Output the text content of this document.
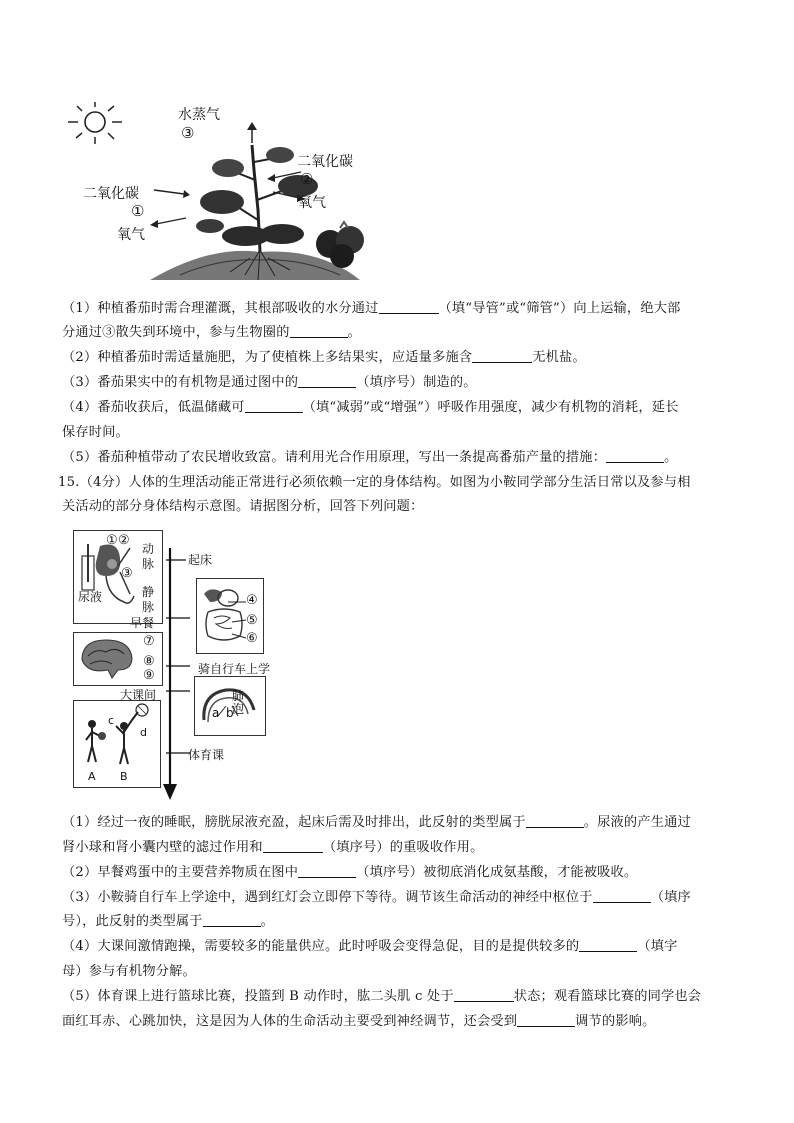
水蒸气
③
二氧化碳
②
氧气
二氧化碳
①
氧气
（1）种植番茄时需合理灌溉，其根部吸收的水分通过	（填“导管”或“筛管”）向上运输，绝大部
分通过③散失到环境中，参与生物圈的	。
（2）种植番茄时需适量施肥，为了使植株上多结果实，应适量多施含	无机盐。
（3）番茄果实中的有机物是通过图中的	（填序号）制造的。
（4）番茄收获后，低温储藏可	（填“减弱”或“增强”）呼吸作用强度，减少有机物的消耗，延长
保存时间。
（5）番茄种植带动了农民增收致富。请利用光合作用原理，写出一条提高番茄产量的措施：	。
15.（4分）人体的生理活动能正常进行必须依赖一定的身体结构。如图为小鞍同学部分生活日常以及参与相
关活动的部分身体结构示意图。请据图分析，回答下列问题：
① ②
③
动脉
静脉
尿液
起床
④
⑤
⑥
早餐
⑦
⑧
⑨	骑自行车上学
肺泡
a b
大课间
c
d
A B
体育课
（1）经过一夜的睡眠，膀胱尿液充盈，起床后需及时排出，此反射的类型属于	。尿液的产生通过
肾小球和肾小囊内壁的滤过作用和	（填序号）的重吸收作用。
（2）早餐鸡蛋中的主要营养物质在图中	（填序号）被彻底消化成氨基酸，才能被吸收。
（3）小鞍骑自行车上学途中，遇到红灯会立即停下等待。调节该生命活动的神经中枢位于	（填序
号），此反射的类型属于	。
（4）大课间激情跑操，需要较多的能量供应。此时呼吸会变得急促，目的是提供较多的	（填字
母）参与有机物分解。
（5）体育课上进行篮球比赛，投篮到 B 动作时，肱二头肌 c 处于	状态；观看篮球比赛的同学也会
面红耳赤、心跳加快，这是因为人体的生命活动主要受到神经调节，还会受到	调节的影响。
